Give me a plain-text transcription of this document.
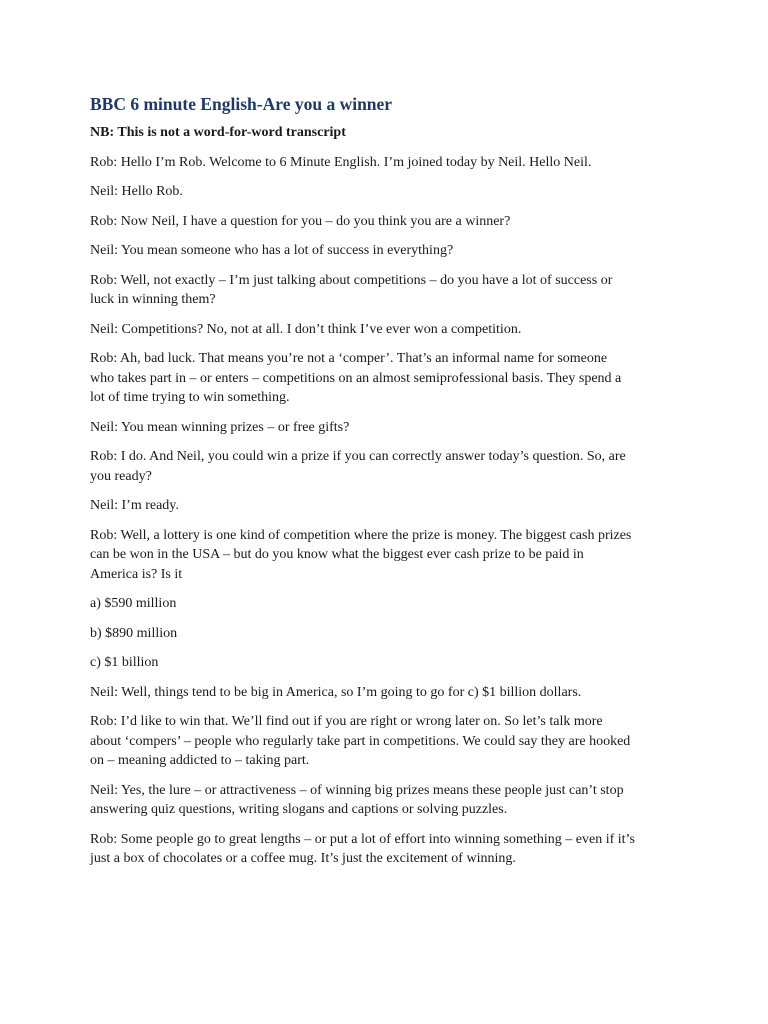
BBC 6 minute English-Are you a winner
NB: This is not a word-for-word transcript

Rob: Hello I’m Rob. Welcome to 6 Minute English. I’m joined today by Neil. Hello Neil.

Neil: Hello Rob.

Rob: Now Neil, I have a question for you – do you think you are a winner?

Neil: You mean someone who has a lot of success in everything?

Rob: Well, not exactly – I’m just talking about competitions – do you have a lot of success or
luck in winning them?

Neil: Competitions? No, not at all. I don’t think I’ve ever won a competition.

Rob: Ah, bad luck. That means you’re not a ‘comper’. That’s an informal name for someone
who takes part in – or enters – competitions on an almost semiprofessional basis. They spend a
lot of time trying to win something.

Neil: You mean winning prizes – or free gifts?

Rob: I do. And Neil, you could win a prize if you can correctly answer today’s question. So, are
you ready?

Neil: I’m ready.

Rob: Well, a lottery is one kind of competition where the prize is money. The biggest cash prizes
can be won in the USA – but do you know what the biggest ever cash prize to be paid in
America is? Is it

a) $590 million

b) $890 million

c) $1 billion

Neil: Well, things tend to be big in America, so I’m going to go for c) $1 billion dollars.

Rob: I’d like to win that. We’ll find out if you are right or wrong later on. So let’s talk more
about ‘compers’ – people who regularly take part in competitions. We could say they are hooked
on – meaning addicted to – taking part.

Neil: Yes, the lure – or attractiveness – of winning big prizes means these people just can’t stop
answering quiz questions, writing slogans and captions or solving puzzles.

Rob: Some people go to great lengths – or put a lot of effort into winning something – even if it’s
just a box of chocolates or a coffee mug. It’s just the excitement of winning.
